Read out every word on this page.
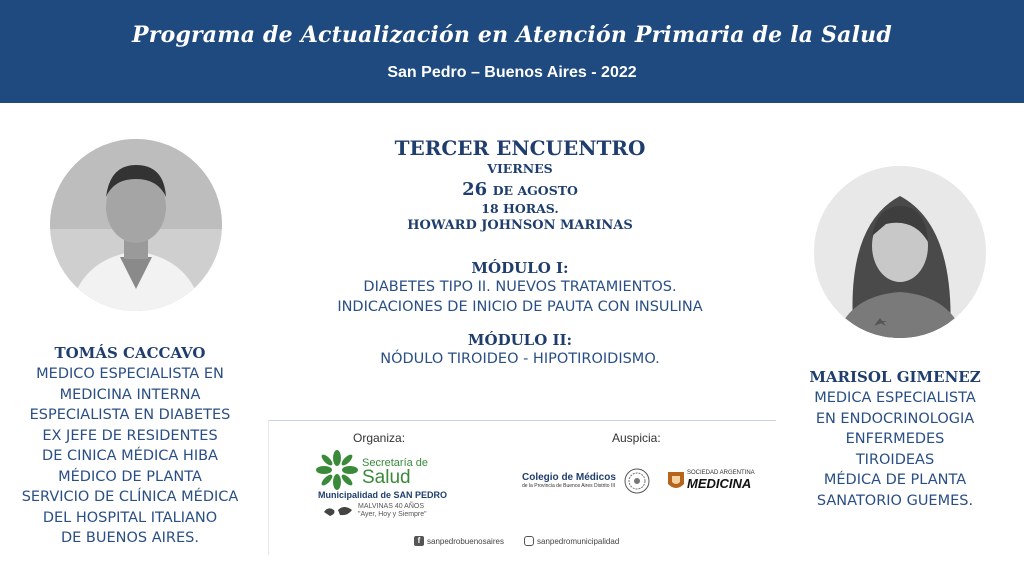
Programa de Actualización en Atención Primaria de la Salud
San Pedro – Buenos Aires - 2022
TOMÁS CACCAVO
MEDICO ESPECIALISTA EN
MEDICINA INTERNA
ESPECIALISTA EN DIABETES
EX JEFE DE RESIDENTES
DE CINICA MÉDICA HIBA
MÉDICO DE PLANTA
SERVICIO DE CLÍNICA MÉDICA
DEL HOSPITAL ITALIANO
DE BUENOS AIRES.
MARISOL GIMENEZ
MEDICA ESPECIALISTA
EN ENDOCRINOLOGIA
ENFERMEDES
TIROIDEAS
MÉDICA DE PLANTA
SANATORIO GUEMES.
TERCER ENCUENTRO
VIERNES
26 DE AGOSTO
18 HORAS.
HOWARD JOHNSON MARINAS
MÓDULO I:
DIABETES TIPO II. NUEVOS TRATAMIENTOS.
INDICACIONES DE INICIO DE PAUTA CON INSULINA
MÓDULO II:
NÓDULO TIROIDEO - HIPOTIROIDISMO.
Organiza:	Auspicia:
Secretaría de
Salud
Municipalidad de SAN PEDRO
MALVINAS 40 AÑOS
"Ayer, Hoy y Siempre"
Colegio de Médicos
de la Provincia de Buenos Aires Distrito III
SOCIEDAD ARGENTINA
MEDICINA
f sanpedrobuenosaires	sanpedromunicipalidad
